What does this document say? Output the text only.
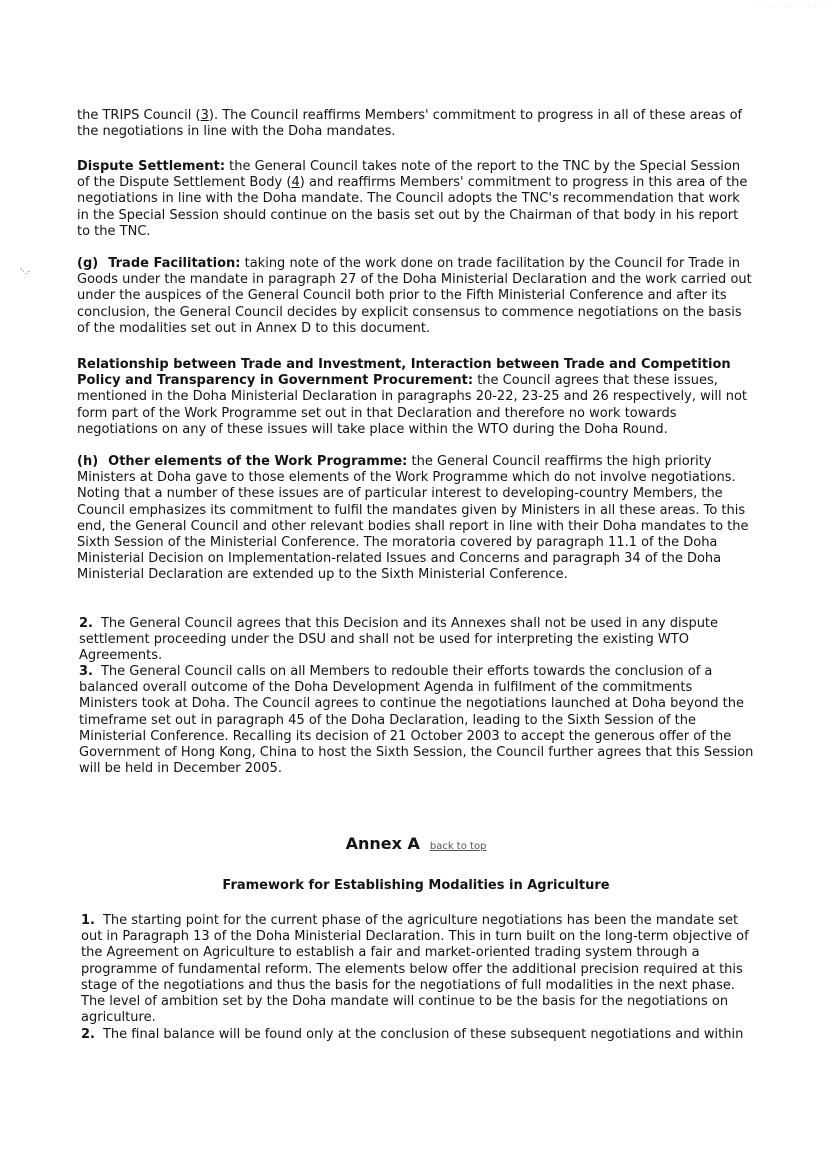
'·.-
· · · · · · · · · · · · ·

the TRIPS Council (3). The Council reaffirms Members' commitment to progress in all of these areas of the negotiations in line with the Doha mandates.

Dispute Settlement: the General Council takes note of the report to the TNC by the Special Session of the Dispute Settlement Body (4) and reaffirms Members' commitment to progress in this area of the negotiations in line with the Doha mandate. The Council adopts the TNC's recommendation that work in the Special Session should continue on the basis set out by the Chairman of that body in his report to the TNC.

(g) Trade Facilitation: taking note of the work done on trade facilitation by the Council for Trade in Goods under the mandate in paragraph 27 of the Doha Ministerial Declaration and the work carried out under the auspices of the General Council both prior to the Fifth Ministerial Conference and after its conclusion, the General Council decides by explicit consensus to commence negotiations on the basis of the modalities set out in Annex D to this document.

Relationship between Trade and Investment, Interaction between Trade and Competition Policy and Transparency in Government Procurement: the Council agrees that these issues, mentioned in the Doha Ministerial Declaration in paragraphs 20-22, 23-25 and 26 respectively, will not form part of the Work Programme set out in that Declaration and therefore no work towards negotiations on any of these issues will take place within the WTO during the Doha Round.

(h) Other elements of the Work Programme: the General Council reaffirms the high priority Ministers at Doha gave to those elements of the Work Programme which do not involve negotiations. Noting that a number of these issues are of particular interest to developing-country Members, the Council emphasizes its commitment to fulfil the mandates given by Ministers in all these areas. To this end, the General Council and other relevant bodies shall report in line with their Doha mandates to the Sixth Session of the Ministerial Conference. The moratoria covered by paragraph 11.1 of the Doha Ministerial Decision on Implementation-related Issues and Concerns and paragraph 34 of the Doha Ministerial Declaration are extended up to the Sixth Ministerial Conference.

2. The General Council agrees that this Decision and its Annexes shall not be used in any dispute settlement proceeding under the DSU and shall not be used for interpreting the existing WTO Agreements.

3. The General Council calls on all Members to redouble their efforts towards the conclusion of a balanced overall outcome of the Doha Development Agenda in fulfilment of the commitments Ministers took at Doha. The Council agrees to continue the negotiations launched at Doha beyond the timeframe set out in paragraph 45 of the Doha Declaration, leading to the Sixth Session of the Ministerial Conference. Recalling its decision of 21 October 2003 to accept the generous offer of the Government of Hong Kong, China to host the Sixth Session, the Council further agrees that this Session will be held in December 2005.

Annex A back to top
Framework for Establishing Modalities in Agriculture

1. The starting point for the current phase of the agriculture negotiations has been the mandate set out in Paragraph 13 of the Doha Ministerial Declaration. This in turn built on the long-term objective of the Agreement on Agriculture to establish a fair and market-oriented trading system through a programme of fundamental reform. The elements below offer the additional precision required at this stage of the negotiations and thus the basis for the negotiations of full modalities in the next phase. The level of ambition set by the Doha mandate will continue to be the basis for the negotiations on agriculture.

2. The final balance will be found only at the conclusion of these subsequent negotiations and within
